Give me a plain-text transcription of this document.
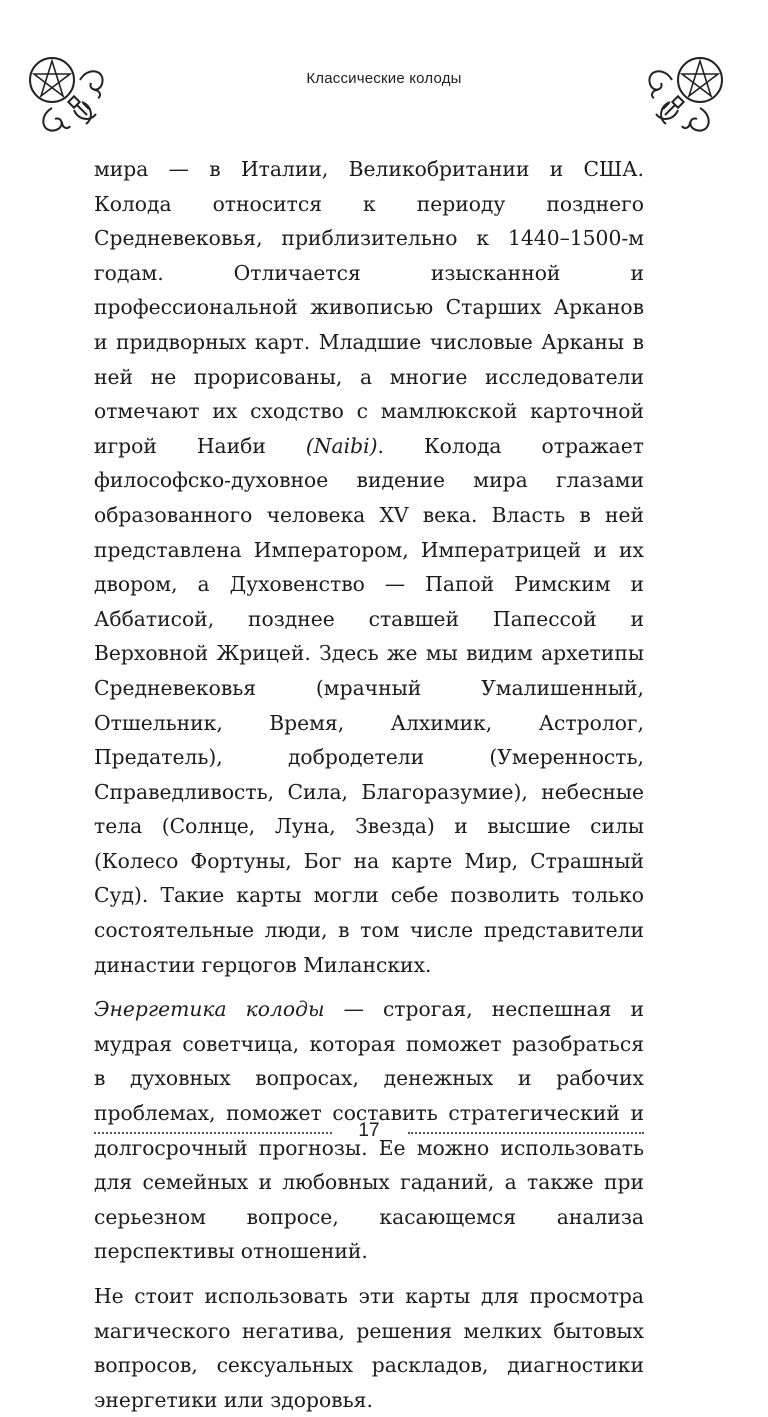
Классические колоды

мира — в Италии, Великобритании и США. Колода относится к периоду позднего Средневековья, приблизительно к 1440–1500-м годам. Отличается изысканной и профессиональной живописью Старших Арканов и придворных карт. Младшие числовые Арканы в ней не прорисованы, а многие исследователи отмечают их сходство с мамлюкской карточной игрой Наиби (Naibi). Колода отражает философско-духовное видение мира глазами образованного человека XV века. Власть в ней представлена Императором, Императрицей и их двором, а Духовенство — Папой Римским и Аббатисой, позднее ставшей Папессой и Верховной Жрицей. Здесь же мы видим архетипы Средневековья (мрачный Умалишенный, Отшельник, Время, Алхимик, Астролог, Предатель), добродетели (Умеренность, Справедливость, Сила, Благоразумие), небесные тела (Солнце, Луна, Звезда) и высшие силы (Колесо Фортуны, Бог на карте Мир, Страшный Суд). Такие карты могли себе позволить только состоятельные люди, в том числе представители династии герцогов Миланских.

Энергетика колоды — строгая, неспешная и мудрая советчица, которая поможет разобраться в духовных вопросах, денежных и рабочих проблемах, поможет составить стратегический и долгосрочный прогнозы. Ее можно использовать для семейных и любовных гаданий, а также при серьезном вопросе, касающемся анализа перспективы отношений.

Не стоит использовать эти карты для просмотра магического негатива, решения мелких бытовых вопросов, сексуальных раскладов, диагностики энергетики или здоровья.

17
